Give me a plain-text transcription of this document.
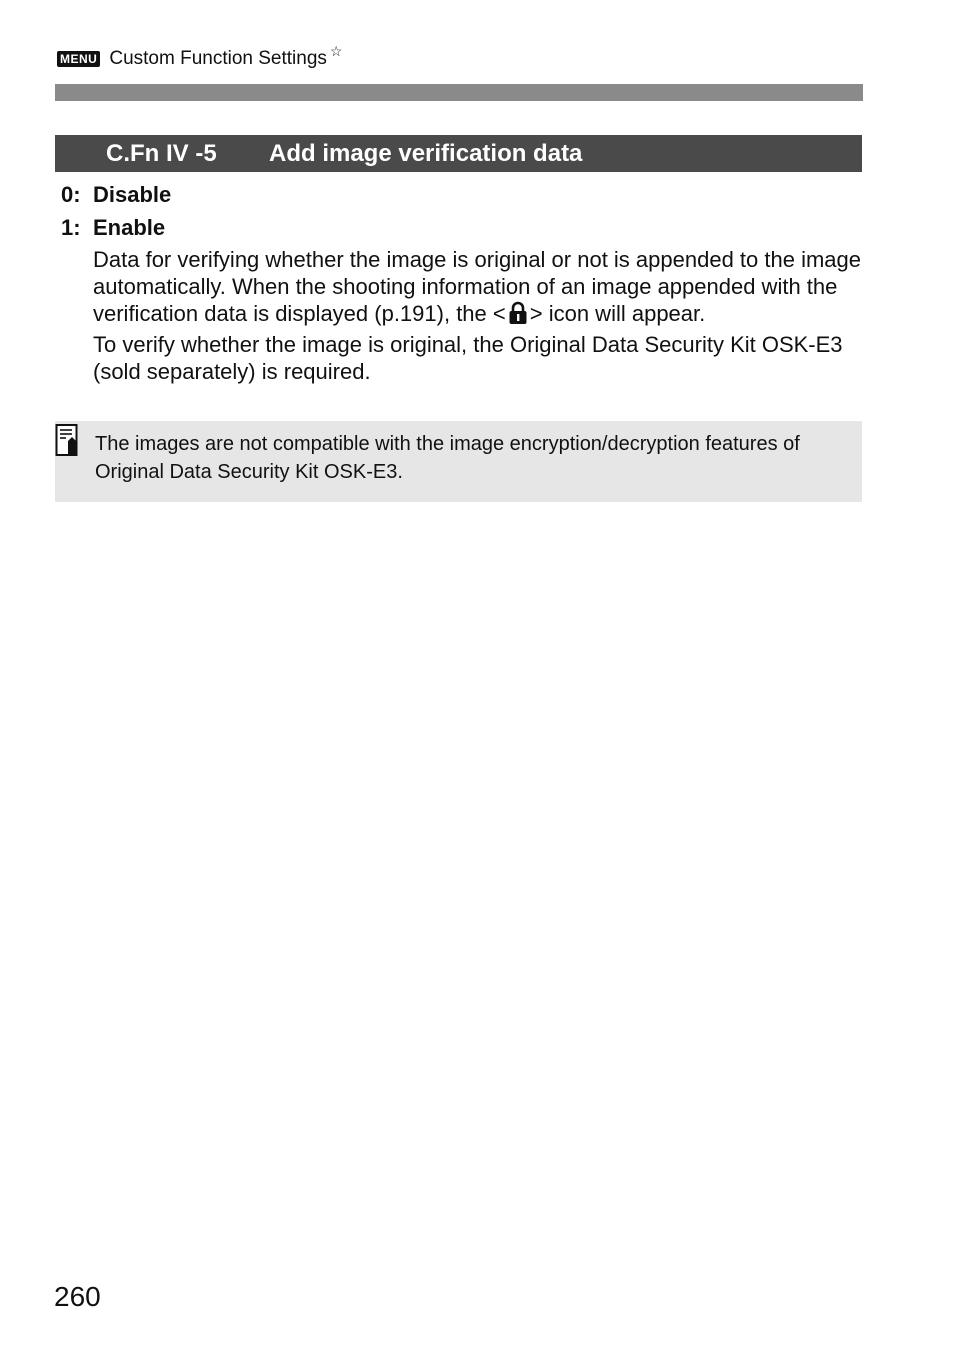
MENU Custom Function Settings ☆
C.Fn IV -5	Add image verification data
0: Disable
1: Enable

Data for verifying whether the image is original or not is appended to the image automatically. When the shooting information of an image appended with the verification data is displayed (p.191), the < > icon will appear.

To verify whether the image is original, the Original Data Security Kit OSK-E3 (sold separately) is required.

The images are not compatible with the image encryption/decryption features of Original Data Security Kit OSK-E3.
260
